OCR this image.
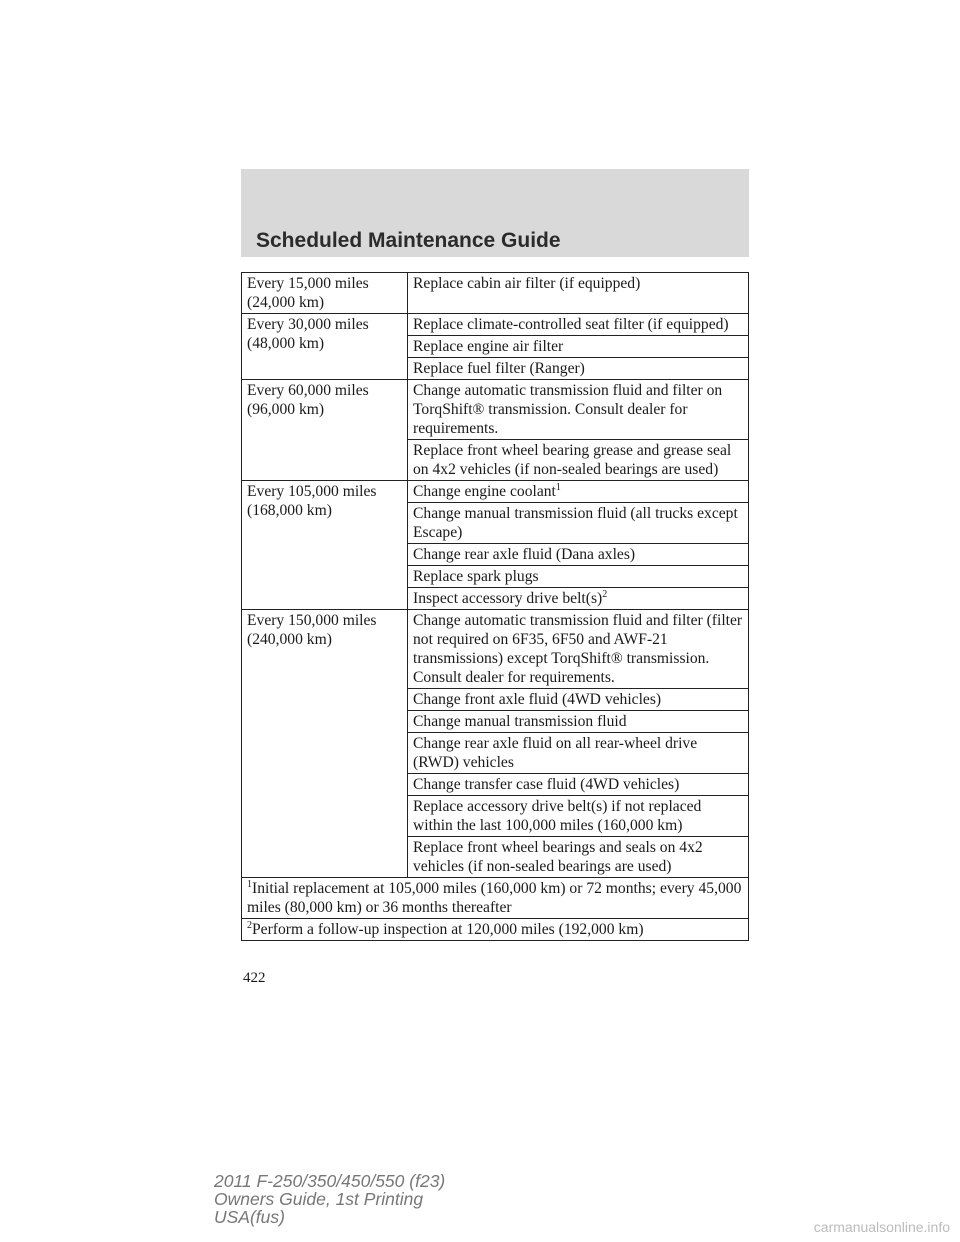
Scheduled Maintenance Guide
Every 15,000 miles
(24,000 km)	Replace cabin air filter (if equipped)
Every 30,000 miles
(48,000 km)	Replace climate-controlled seat filter (if equipped)
	Replace engine air filter
	Replace fuel filter (Ranger)
Every 60,000 miles
(96,000 km)	Change automatic transmission fluid and filter on TorqShift® transmission. Consult dealer for requirements.
	Replace front wheel bearing grease and grease seal on 4x2 vehicles (if non-sealed bearings are used)
Every 105,000 miles
(168,000 km)	Change engine coolant$^1$
	Change manual transmission fluid (all trucks except Escape)
	Change rear axle fluid (Dana axles)
	Replace spark plugs
	Inspect accessory drive $belt(s)^2$
Every 150,000 miles
(240,000 km)	Change automatic transmission fluid and filter (filter not required on 6F35, 6F50 and AWF-21 transmissions) except TorqShift® transmission. Consult dealer for requirements.
	Change front axle fluid (4WD vehicles)
	Change manual transmission fluid
	Change rear axle fluid on all rear-wheel drive (RWD) vehicles
	Change transfer case fluid (4WD vehicles)
	Replace accessory drive belt(s) if not replaced within the last 100,000 miles (160,000 km)
	Replace front wheel bearings and seals on 4x2 vehicles (if non-sealed bearings are used)
$^1$Initial replacement at 105,000 miles (160,000 km) or 72 months; every 45,000 miles (80,000 km) or 36 months thereafter	
$^2$Perform a follow-up inspection at 120,000 miles (192,000 km)	
422

2011 F-250/350/450/550 (f23)
Owners Guide, 1st Printing
USA(fus)	carmanualsonline.info
